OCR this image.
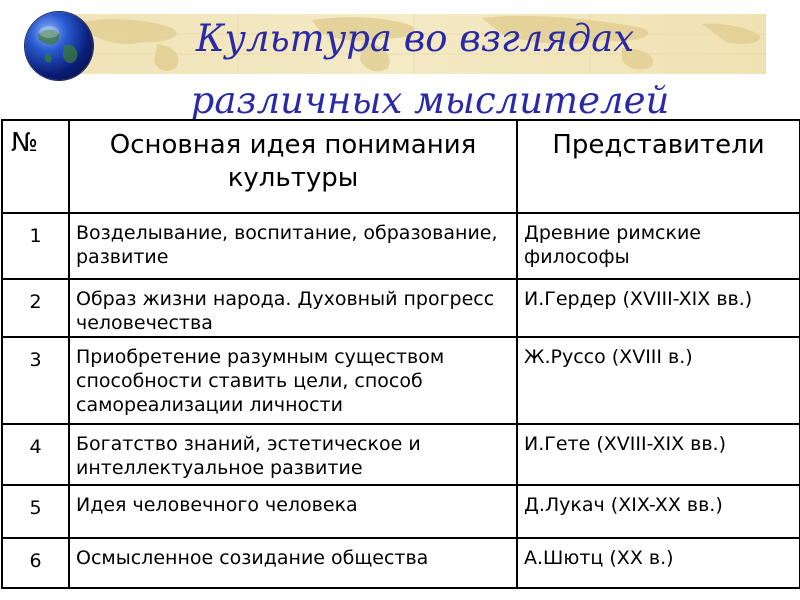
Культура во взглядах
различных мыслителей
№	Основная идея понимания культуры	Представители
1	Возделывание, воспитание, образование, развитие	Древние римские философы
2	Образ жизни народа. Духовный прогресс человечества	И.Гердер (XVIII-XIX вв.)
3	Приобретение разумным существом способности ставить цели, способ самореализации личности	Ж.Руссо (XVIII в.)
4	Богатство знаний, эстетическое и интеллектуальное развитие	И.Гете (XVIII-XIX вв.)
5	Идея человечного человека	Д.Лукач (XIX-XX вв.)
6	Осмысленное созидание общества	А.Шютц (XX в.)
